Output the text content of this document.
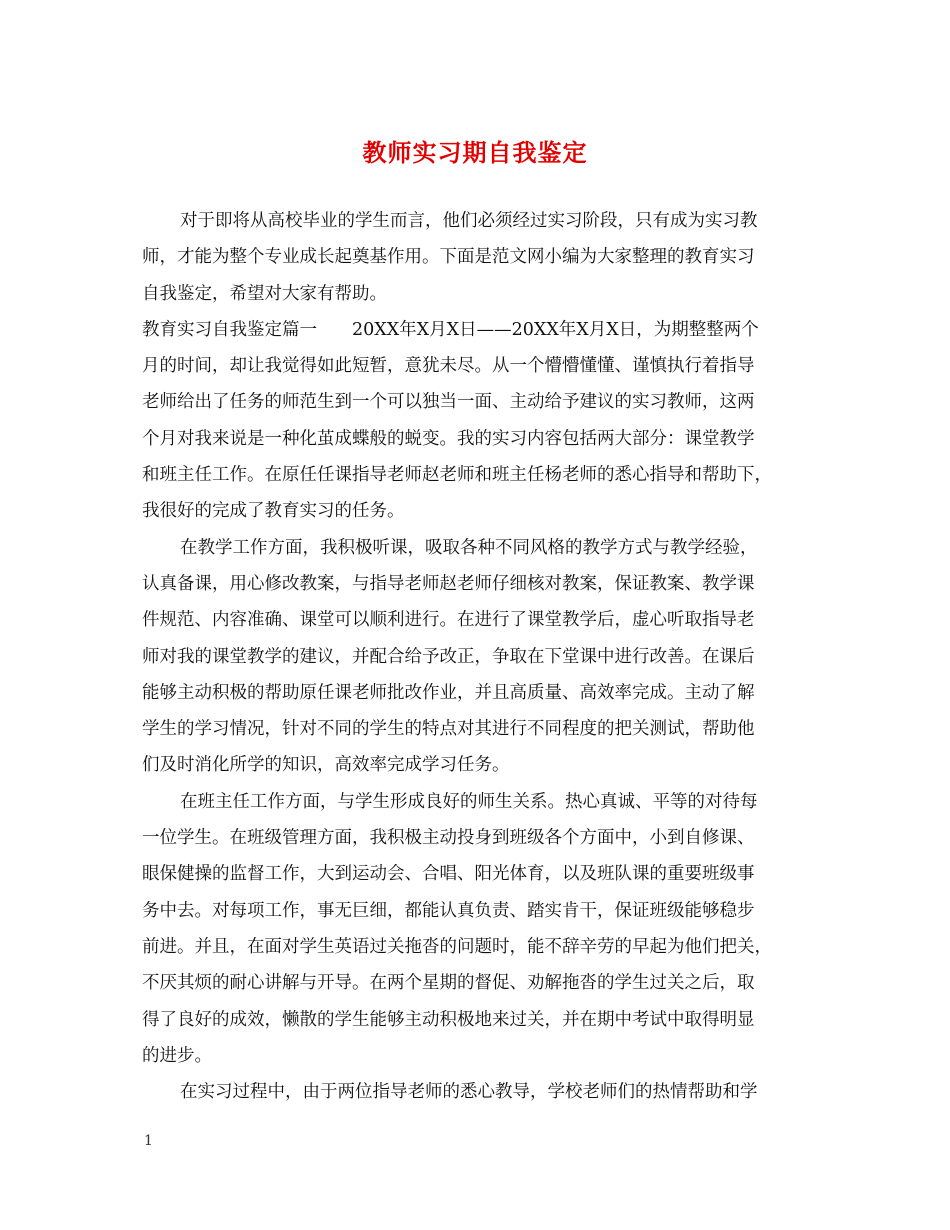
教师实习期自我鉴定
对于即将从高校毕业的学生而言，他们必须经过实习阶段，只有成为实习教
师，才能为整个专业成长起奠基作用。下面是范文网小编为大家整理的教育实习
自我鉴定，希望对大家有帮助。
教育实习自我鉴定篇一　　20XX年X月X日——20XX年X月X日，为期整整两个
月的时间，却让我觉得如此短暂，意犹未尽。从一个懵懵懂懂、谨慎执行着指导
老师给出了任务的师范生到一个可以独当一面、主动给予建议的实习教师，这两
个月对我来说是一种化茧成蝶般的蜕变。我的实习内容包括两大部分：课堂教学
和班主任工作。在原任任课指导老师赵老师和班主任杨老师的悉心指导和帮助下，
我很好的完成了教育实习的任务。
在教学工作方面，我积极听课，吸取各种不同风格的教学方式与教学经验，
认真备课，用心修改教案，与指导老师赵老师仔细核对教案，保证教案、教学课
件规范、内容准确、课堂可以顺利进行。在进行了课堂教学后，虚心听取指导老
师对我的课堂教学的建议，并配合给予改正，争取在下堂课中进行改善。在课后
能够主动积极的帮助原任课老师批改作业，并且高质量、高效率完成。主动了解
学生的学习情况，针对不同的学生的特点对其进行不同程度的把关测试，帮助他
们及时消化所学的知识，高效率完成学习任务。
在班主任工作方面，与学生形成良好的师生关系。热心真诚、平等的对待每
一位学生。在班级管理方面，我积极主动投身到班级各个方面中，小到自修课、
眼保健操的监督工作，大到运动会、合唱、阳光体育，以及班队课的重要班级事
务中去。对每项工作，事无巨细，都能认真负责、踏实肯干，保证班级能够稳步
前进。并且，在面对学生英语过关拖沓的问题时，能不辞辛劳的早起为他们把关，
不厌其烦的耐心讲解与开导。在两个星期的督促、劝解拖沓的学生过关之后，取
得了良好的成效，懒散的学生能够主动积极地来过关，并在期中考试中取得明显
的进步。
在实习过程中，由于两位指导老师的悉心教导，学校老师们的热情帮助和学
1
